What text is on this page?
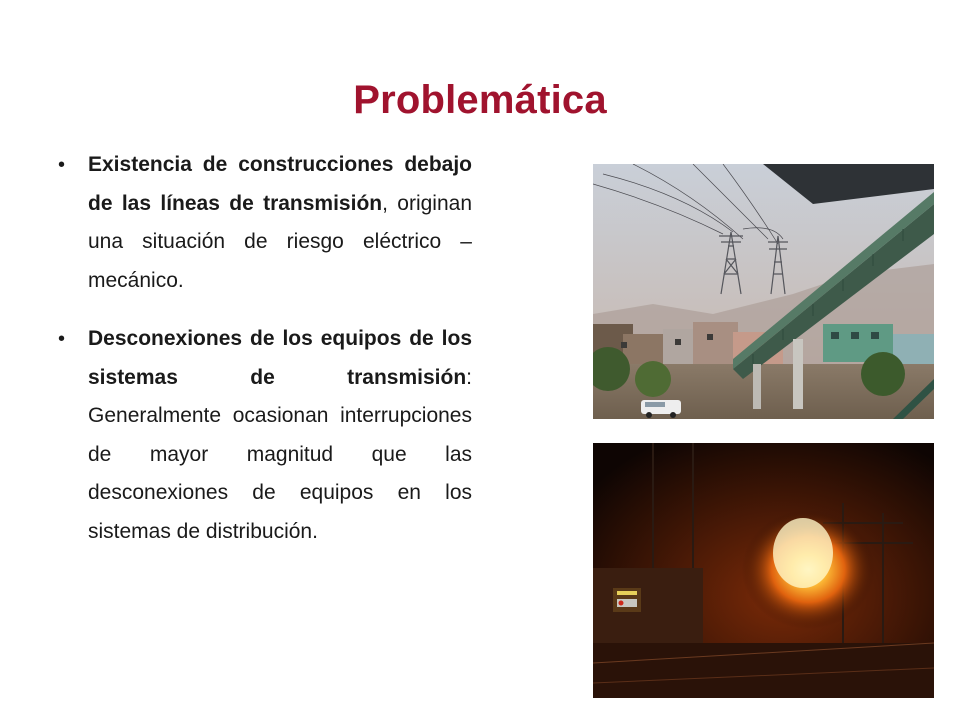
Problemática
•	Existencia de construcciones debajo de las líneas de transmisión, originan una situación de riesgo eléctrico – mecánico.
•	Desconexiones de los equipos de los sistemas de transmisión: Generalmente ocasionan interrupciones de mayor magnitud que las desconexiones de equipos en los sistemas de distribución.
